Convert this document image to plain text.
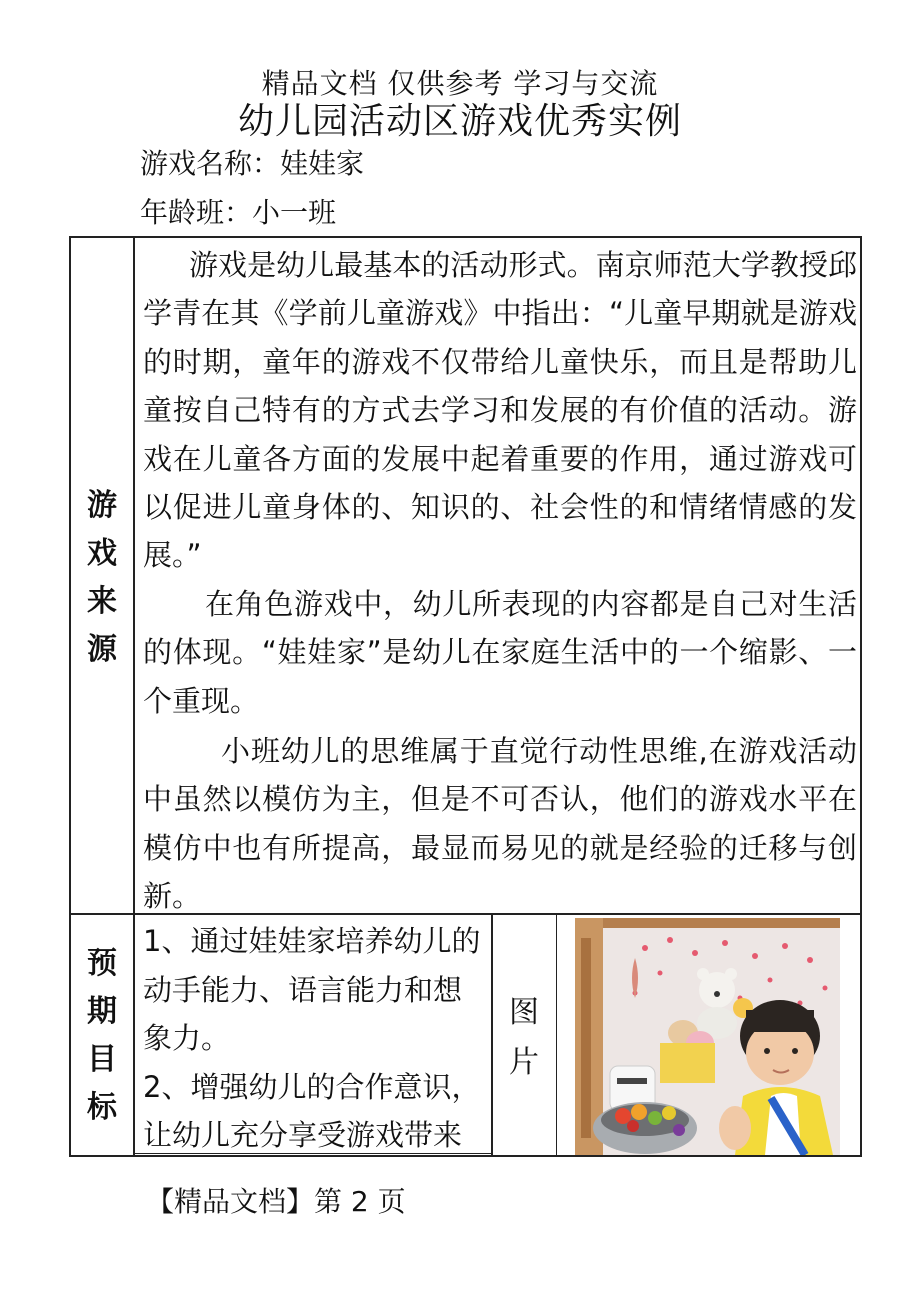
精品文档 仅供参考 学习与交流
幼儿园活动区游戏优秀实例
游戏名称：娃娃家
年龄班：小一班
游
戏
来
源

游戏是幼儿最基本的活动形式。南京师范大学教授邱学青在其《学前儿童游戏》中指出：“儿童早期就是游戏的时期，童年的游戏不仅带给儿童快乐，而且是帮助儿童按自己特有的方式去学习和发展的有价值的活动。游戏在儿童各方面的发展中起着重要的作用，通过游戏可以促进儿童身体的、知识的、社会性的和情绪情感的发展。”

在角色游戏中，幼儿所表现的内容都是自己对生活的体现。“娃娃家”是幼儿在家庭生活中的一个缩影、一个重现。

小班幼儿的思维属于直觉行动性思维,在游戏活动中虽然以模仿为主，但是不可否认，他们的游戏水平在模仿中也有所提高，最显而易见的就是经验的迁移与创新。

预
期
目
标

1、通过娃娃家培养幼儿的动手能力、语言能力和想象力。

2、增强幼儿的合作意识，让幼儿充分享受游戏带来

图
片
【精品文档】第 2 页
